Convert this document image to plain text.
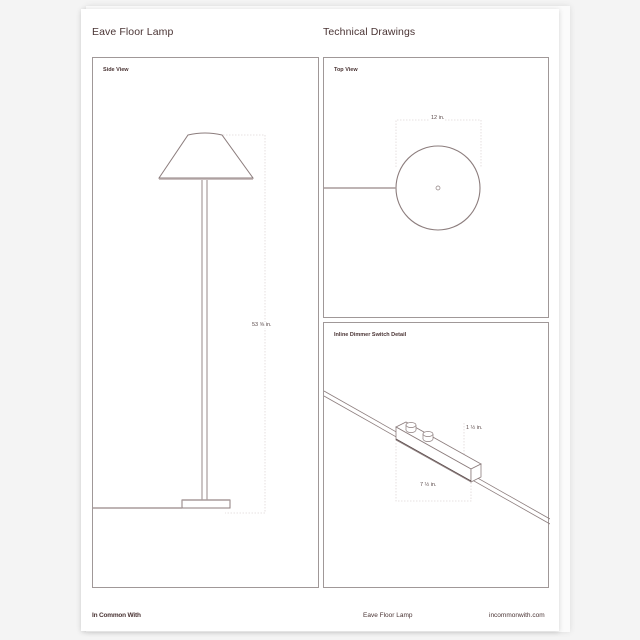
Eave Floor Lamp	Technical Drawings
53 ⅝ in.
Side View
12 in.
Top View
1 ½ in.
7 ½ in.
Inline Dimmer Switch Detail
In Common With	Eave Floor Lamp	incommonwith.com
